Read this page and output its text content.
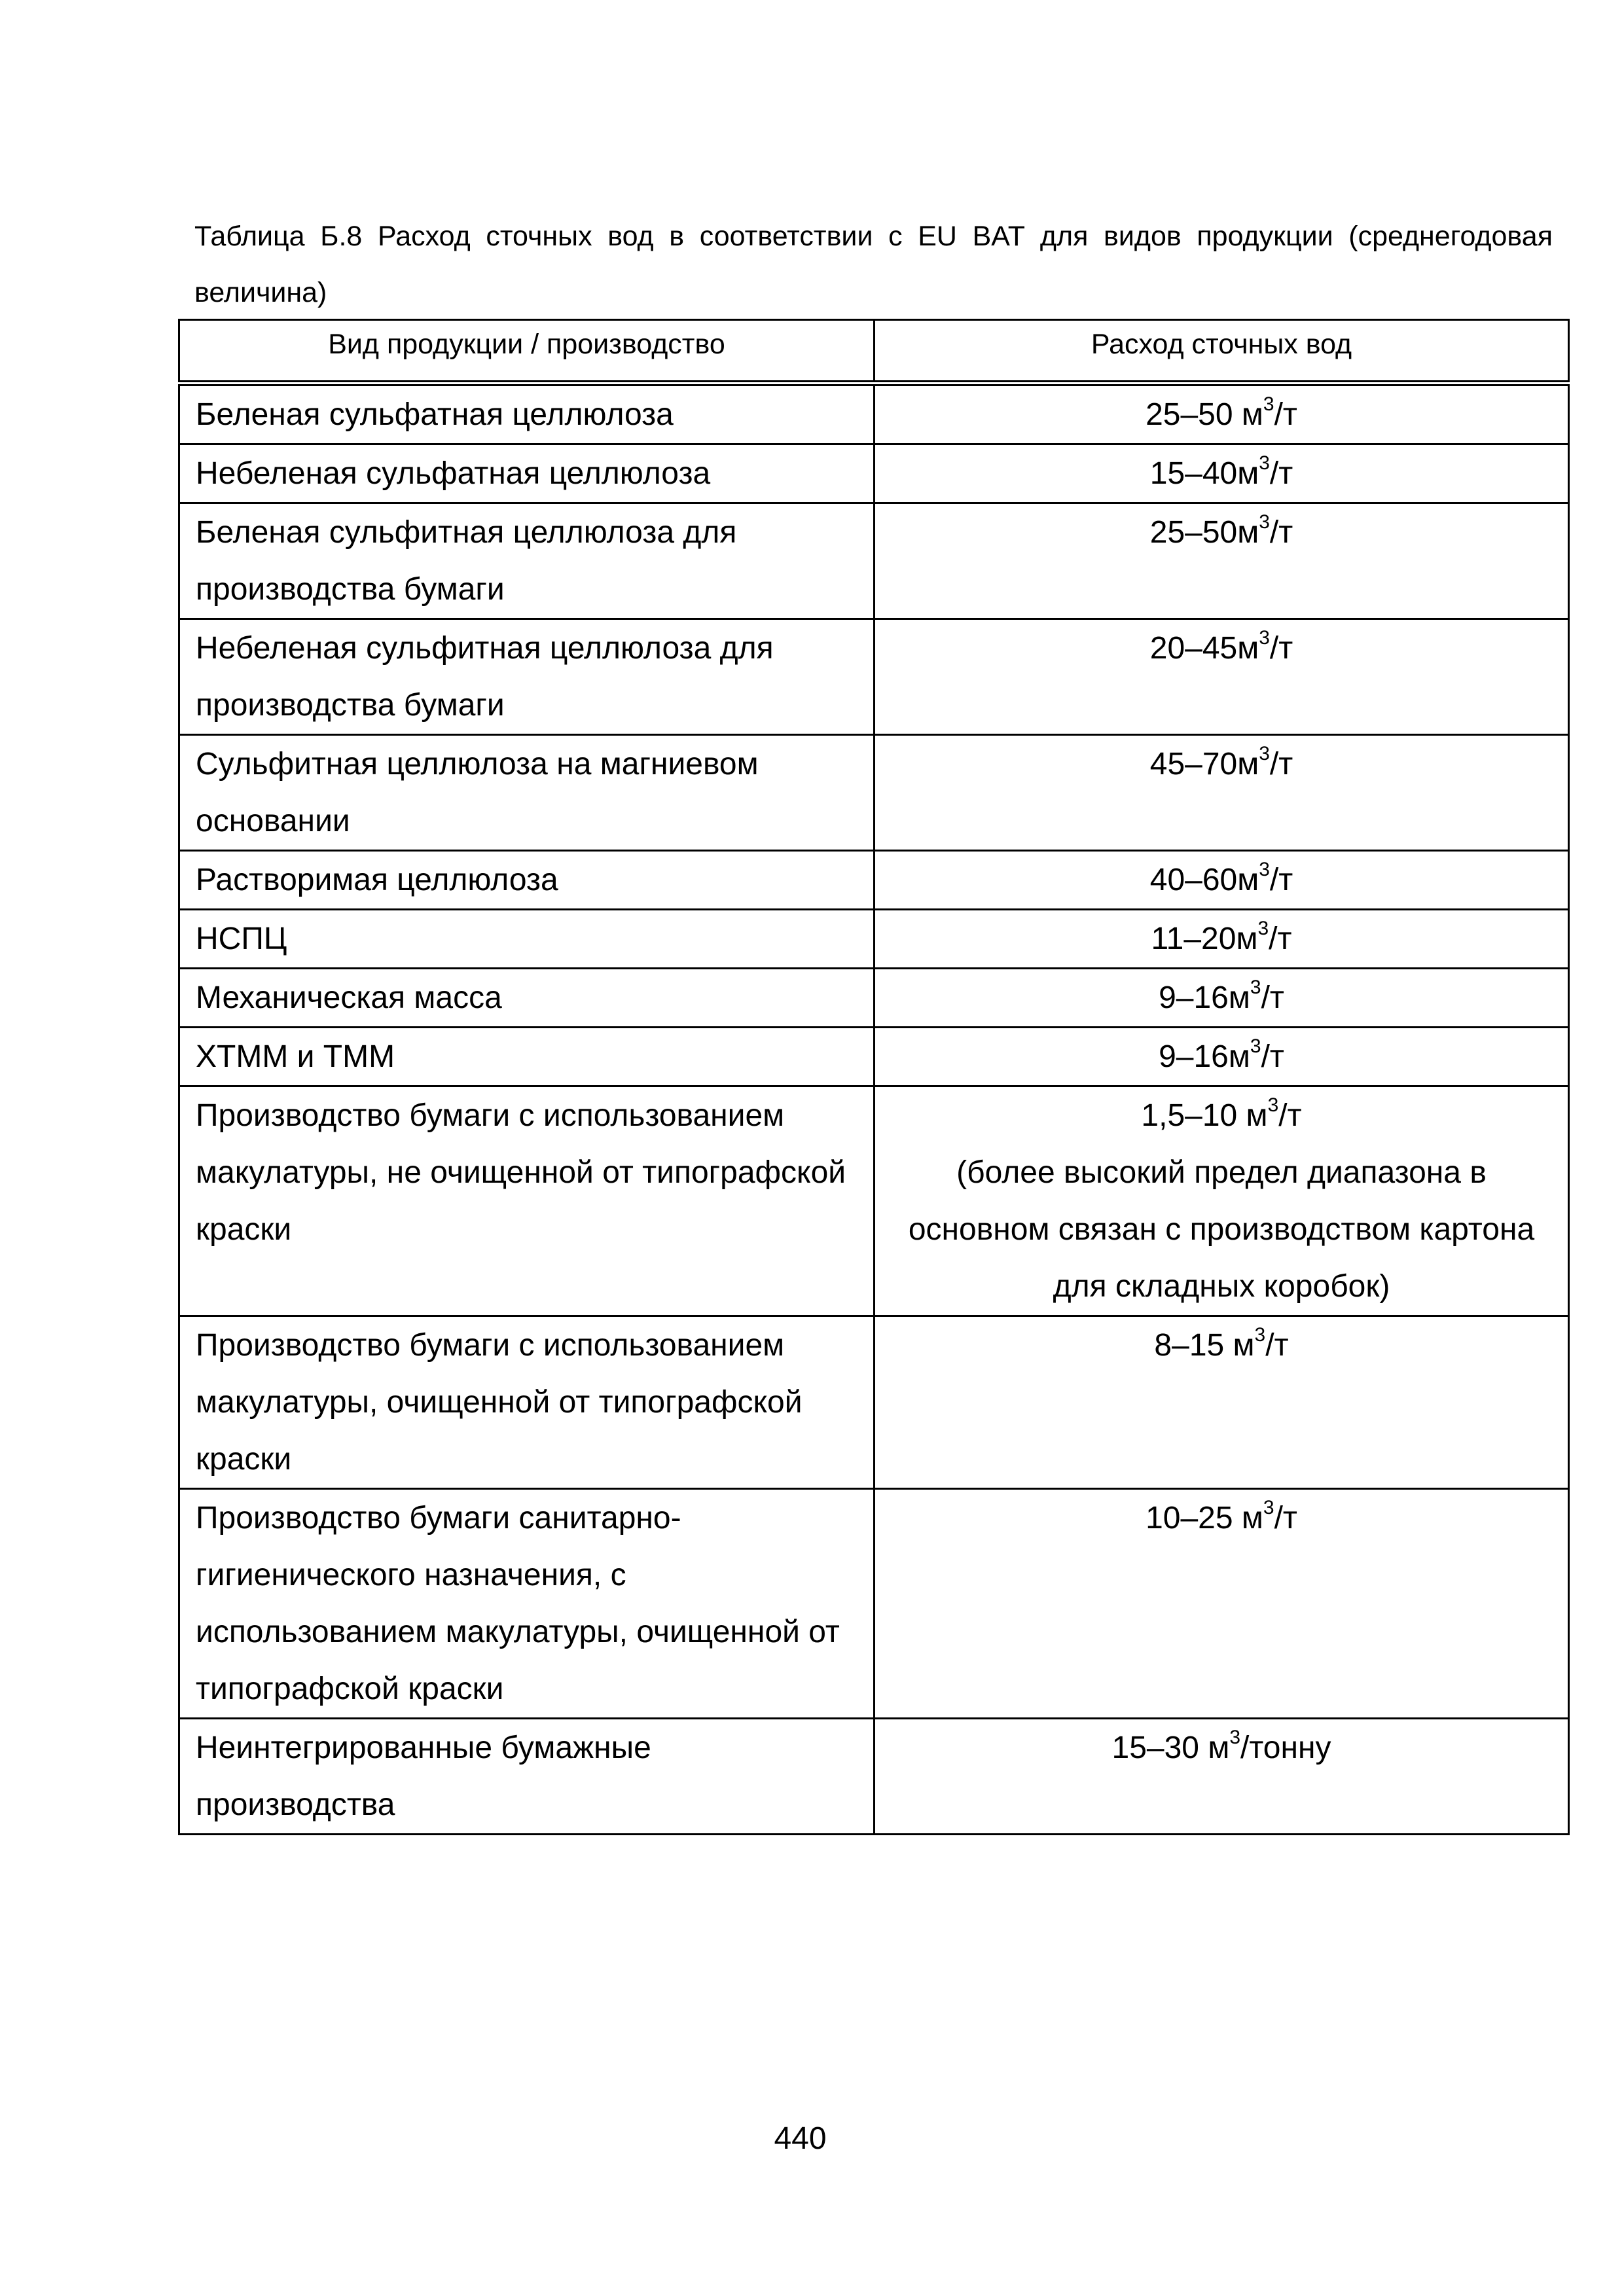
Таблица Б.8 Расход сточных вод в соответствии с EU BAT для видов продукции (среднегодовая величина)

Вид продукции / производство	Расход сточных вод
Беленая сульфатная целлюлоза	25–50 $м^3/т$
Небеленая сульфатная целлюлоза	$15-40м^3/т$
Беленая сульфитная целлюлоза для производства бумаги	$25-50м^3/т$
Небеленая сульфитная целлюлоза для производства бумаги	$20-45м^3/т$
Сульфитная целлюлоза на магниевом основании	$45-70м^3/т$
Растворимая целлюлоза	$40-60м^3/т$
НСПЦ	$11-20м^3/т$
Механическая масса	$9-16м^3/т$
ХТММ и ТММ	$9-16м^3/т$
Производство бумаги с использованием макулатуры, не очищенной от типографской краски	1,5–10 $м^3/т$
(более высокий предел диапазона в основном связан с производством картона для складных коробок)

Производство бумаги с использованием макулатуры, очищенной от типографской краски	8–15 $м^3/т$
Производство бумаги санитарно-гигиенического назначения, с использованием макулатуры, очищенной от типографской краски	10–25 $м^3/т$
Неинтегрированные бумажные производства	15–30 $м^3$/тонну
440
